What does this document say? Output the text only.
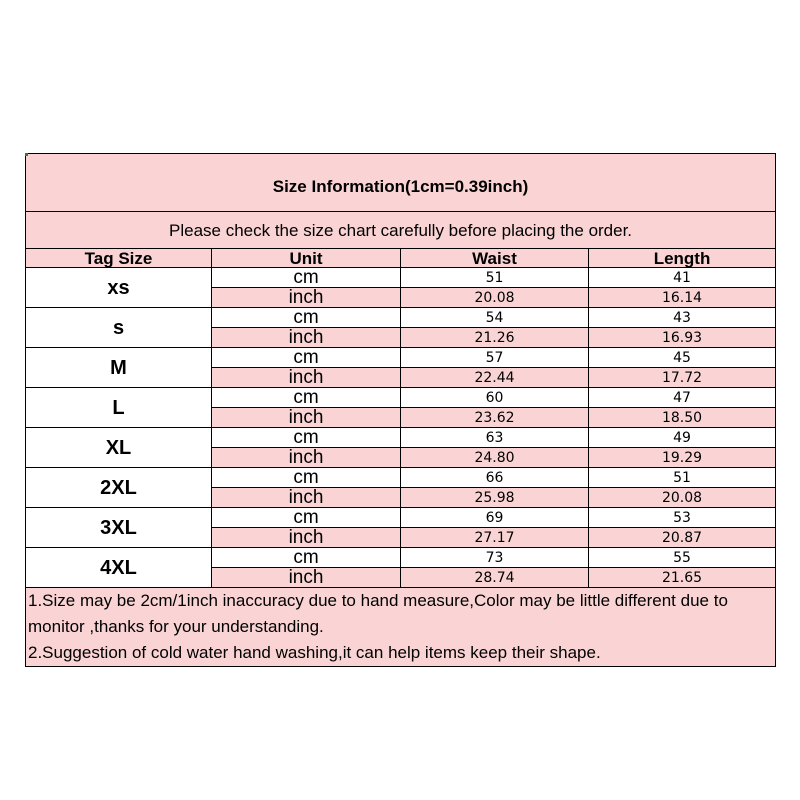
Size Information(1cm=0.39inch)			
Please check the size chart carefully before placing the order.			
Tag Size	Unit	Waist	Length
xs	cm	51	41
	inch	20.08	16.14
s	cm	54	43
	inch	21.26	16.93
M	cm	57	45
	inch	22.44	17.72
L	cm	60	47
	inch	23.62	18.50
XL	cm	63	49
	inch	24.80	19.29
2XL	cm	66	51
	inch	25.98	20.08
3XL	cm	69	53
	inch	27.17	20.87
4XL	cm	73	55
	inch	28.74	21.65

1.Size may be 2cm/1inch inaccuracy due to hand measure,Color may be little different due to monitor ,thanks for your understanding.
2.Suggestion of cold water hand washing,it can help items keep their shape.			
